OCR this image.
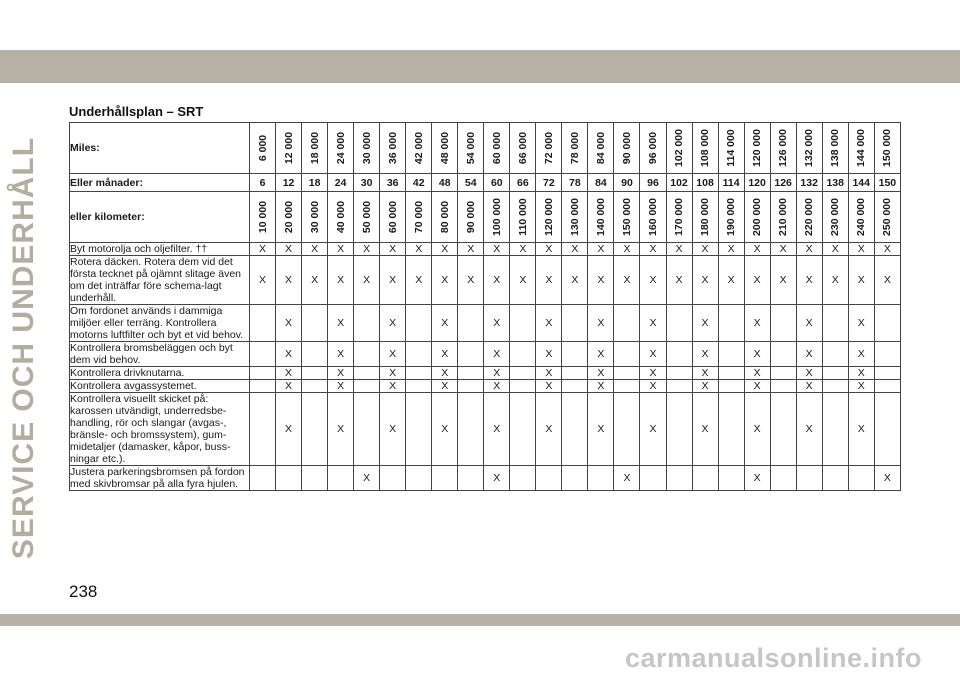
SERVICE OCH UNDERHÅLL
Underhållsplan – SRT
Miles:	6 000	12 000	18 000	24 000	30 000	36 000	42 000	48 000	54 000	60 000	66 000	72 000	78 000	84 000	90 000	96 000	102 000	108 000	114 000	120 000	126 000	132 000	138 000	144 000	150 000

Eller månader:	6	12	18	24	30	36	42	48	54	60	66	72	78	84	90	96	102	108	114	120	126	132	138	144	150
eller kilometer:	10 000	20 000	30 000	40 000	50 000	60 000	70 000	80 000	90 000	100 000	110 000	120 000	130 000	140 000	150 000	160 000	170 000	180 000	190 000	200 000	210 000	220 000	230 000	240 000	250 000

Byt motorolja och oljefilter. ††	X	X	X	X	X	X	X	X	X	X	X	X	X	X	X	X	X	X	X	X	X	X	X	X	X
Rotera däcken. Rotera dem vid det första tecknet på ojämnt slitage även om det inträffar före schema-lagt underhåll.	X	X	X	X	X	X	X	X	X	X	X	X	X	X	X	X	X	X	X	X	X	X	X	X	X
Om fordonet används i dammiga miljöer eller terräng. Kontrollera motorns luftfilter och byt et vid behov.		X		X		X		X		X		X		X		X		X		X		X		X	
Kontrollera bromsbeläggen och byt dem vid behov.		X		X		X		X		X		X		X		X		X		X		X		X	
Kontrollera drivknutarna.		X		X		X		X		X		X		X		X		X		X		X		X	
Kontrollera avgassystemet.		X		X		X		X		X		X		X		X		X		X		X		X	
Kontrollera visuellt skicket på: karossen utvändigt, underredsbe-handling, rör och slangar (avgas-, bränsle- och bromssystem), gum-midetaljer (damasker, kåpor, buss-ningar etc.).		X		X		X		X		X		X		X		X		X		X		X		X	
Justera parkeringsbromsen på fordon med skivbromsar på alla fyra hjulen.					X					X					X					X					X
238
carmanualsonline.info
